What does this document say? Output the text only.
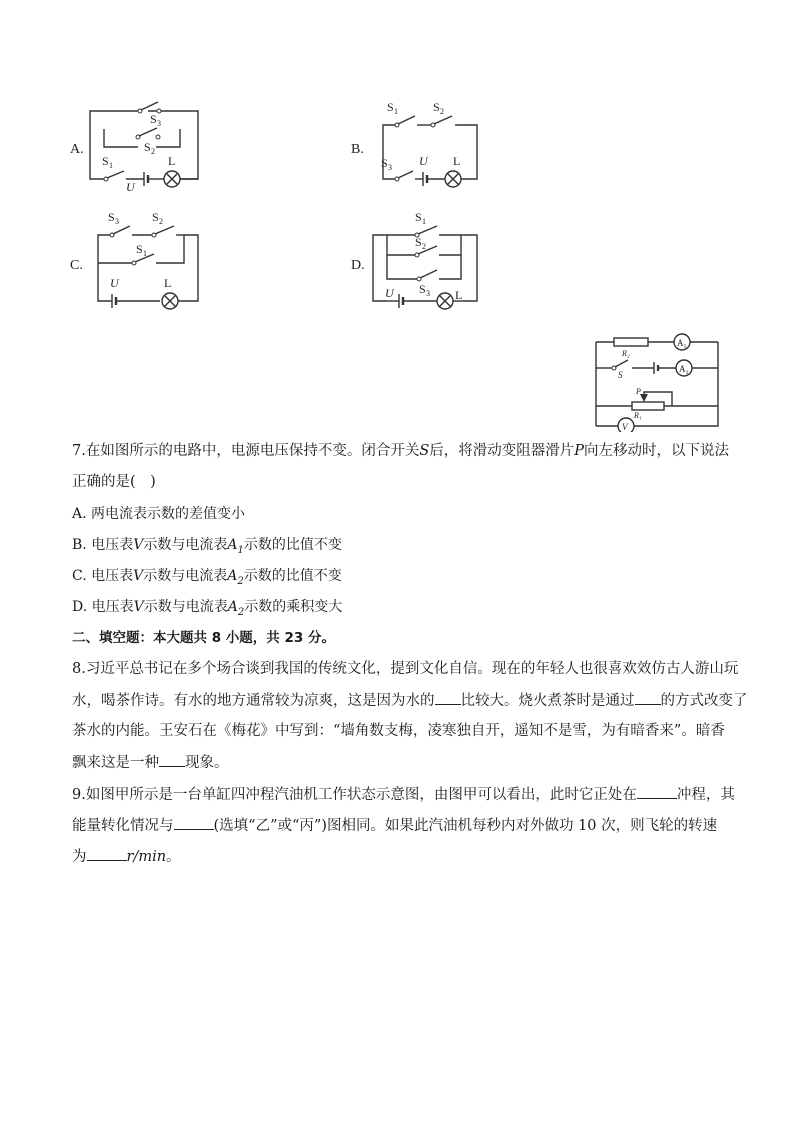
A.
S 3
S 2
S 1
U
L
B.
S 1	S 2
S 3 U L
C.
S 3	S 2
S 1
U	L
D.
S 1
S 2
S 3
U	L
A₁
R₂
A₂
S
P
R₁
V
7.在如图所示的电路中，电源电压保持不变。闭合开关S后，将滑动变阻器滑片P向左移动时，以下说法
正确的是(　)
A. 两电流表示数的差值变小
B. 电压表V示数与电流表$A_1$示数的比值不变
C. 电压表V示数与电流表$A_2$示数的比值不变
D. 电压表V示数与电流表$A_2$示数的乘积变大
二、填空题：本大题共 8 小题，共 23 分。
8.习近平总书记在多个场合谈到我国的传统文化，提到文化自信。现在的年轻人也很喜欢效仿古人游山玩
水，喝茶作诗。有水的地方通常较为凉爽，这是因为水的 比较大。烧火煮茶时是通过 的方式改变了
茶水的内能。王安石在《梅花》中写到：“墙角数支梅，凌寒独自开，遥知不是雪，为有暗香来”。暗香
飘来这是一种 现象。
9.如图甲所示是一台单缸四冲程汽油机工作状态示意图，由图甲可以看出，此时它正处在	冲程，其
能量转化情况与	(选填“乙”或“丙”)图相同。如果此汽油机每秒内对外做功 10 次，则飞轮的转速
为	r/min。
